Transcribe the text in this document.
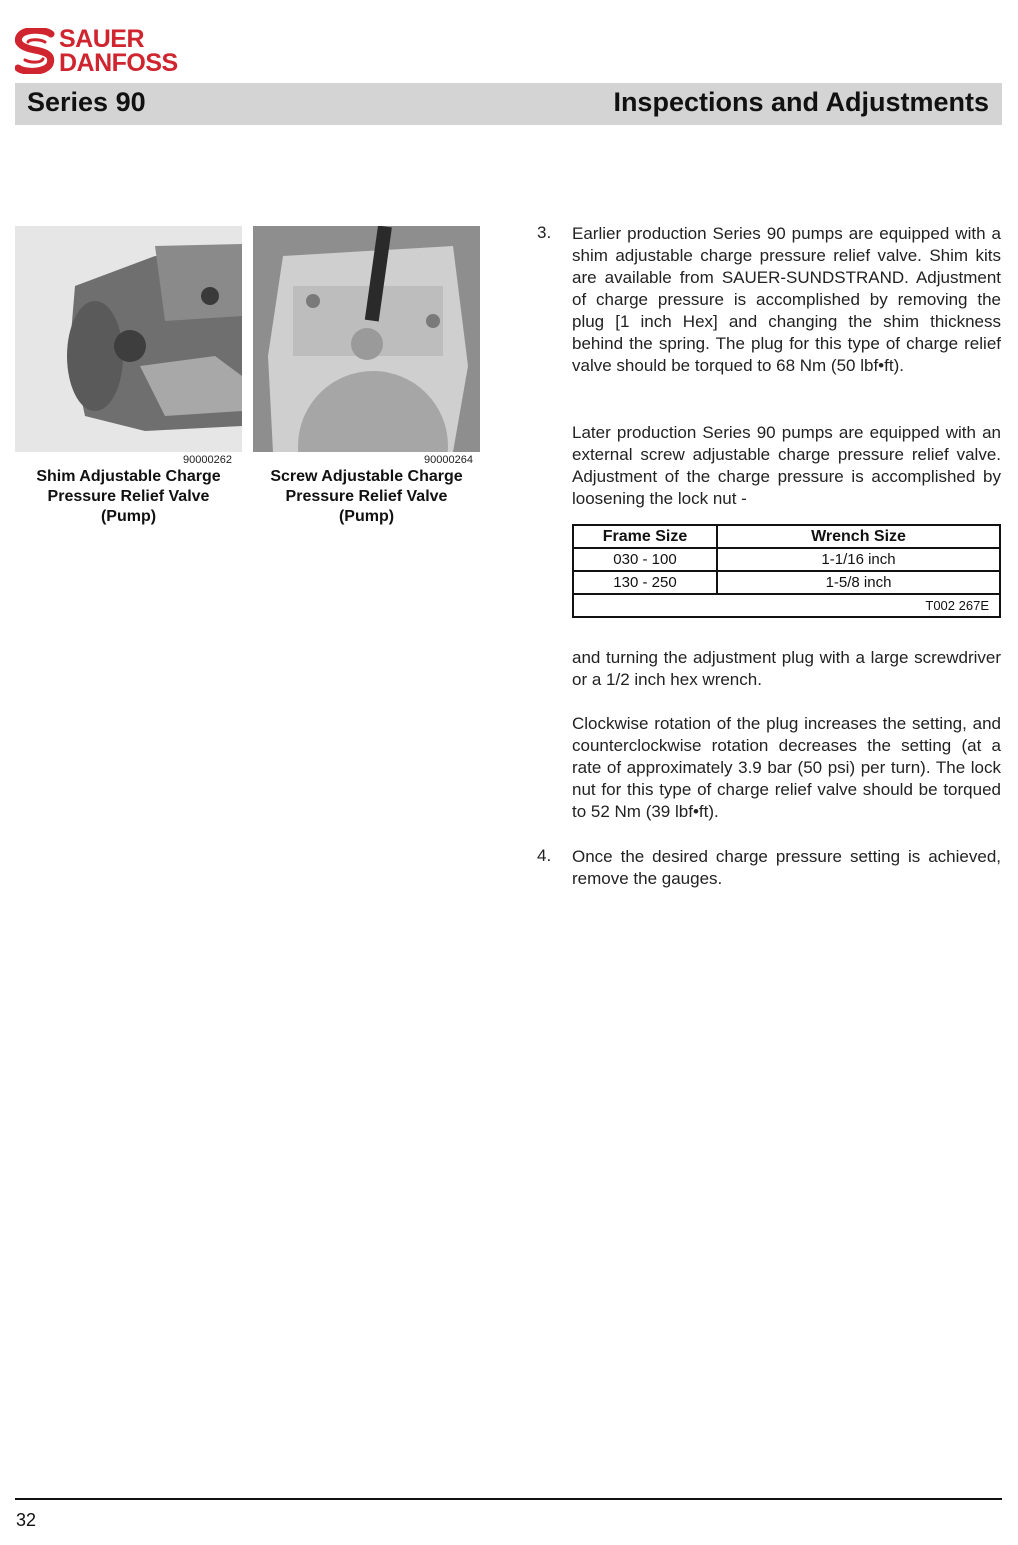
SAUER
DANFOSS
Series 90	Inspections and Adjustments
90000262
Shim Adjustable Charge
Pressure Relief Valve
(Pump)
90000264
Screw Adjustable Charge
Pressure Relief Valve
(Pump)
3. Earlier production Series 90 pumps are equipped with a shim adjustable charge pressure relief valve. Shim kits are available from SAUER-SUNDSTRAND. Adjustment of charge pressure is accomplished by removing the plug [1 inch Hex] and changing the shim thickness behind the spring. The plug for this type of charge relief valve should be torqued to 68 Nm (50 lbf•ft).

Later production Series 90 pumps are equipped with an external screw adjustable charge pressure relief valve. Adjustment of the charge pressure is accomplished by loosening the lock nut -

Frame Size	Wrench Size
030 - 100	1-1/16 inch
130 - 250	1-5/8 inch
T002 267E	

and turning the adjustment plug with a large screwdriver or a 1/2 inch hex wrench.

Clockwise rotation of the plug increases the setting, and counterclockwise rotation decreases the setting (at a rate of approximately 3.9 bar (50 psi) per turn). The lock nut for this type of charge relief valve should be torqued to 52 Nm (39 lbf•ft).

4. Once the desired charge pressure setting is achieved, remove the gauges.

32
